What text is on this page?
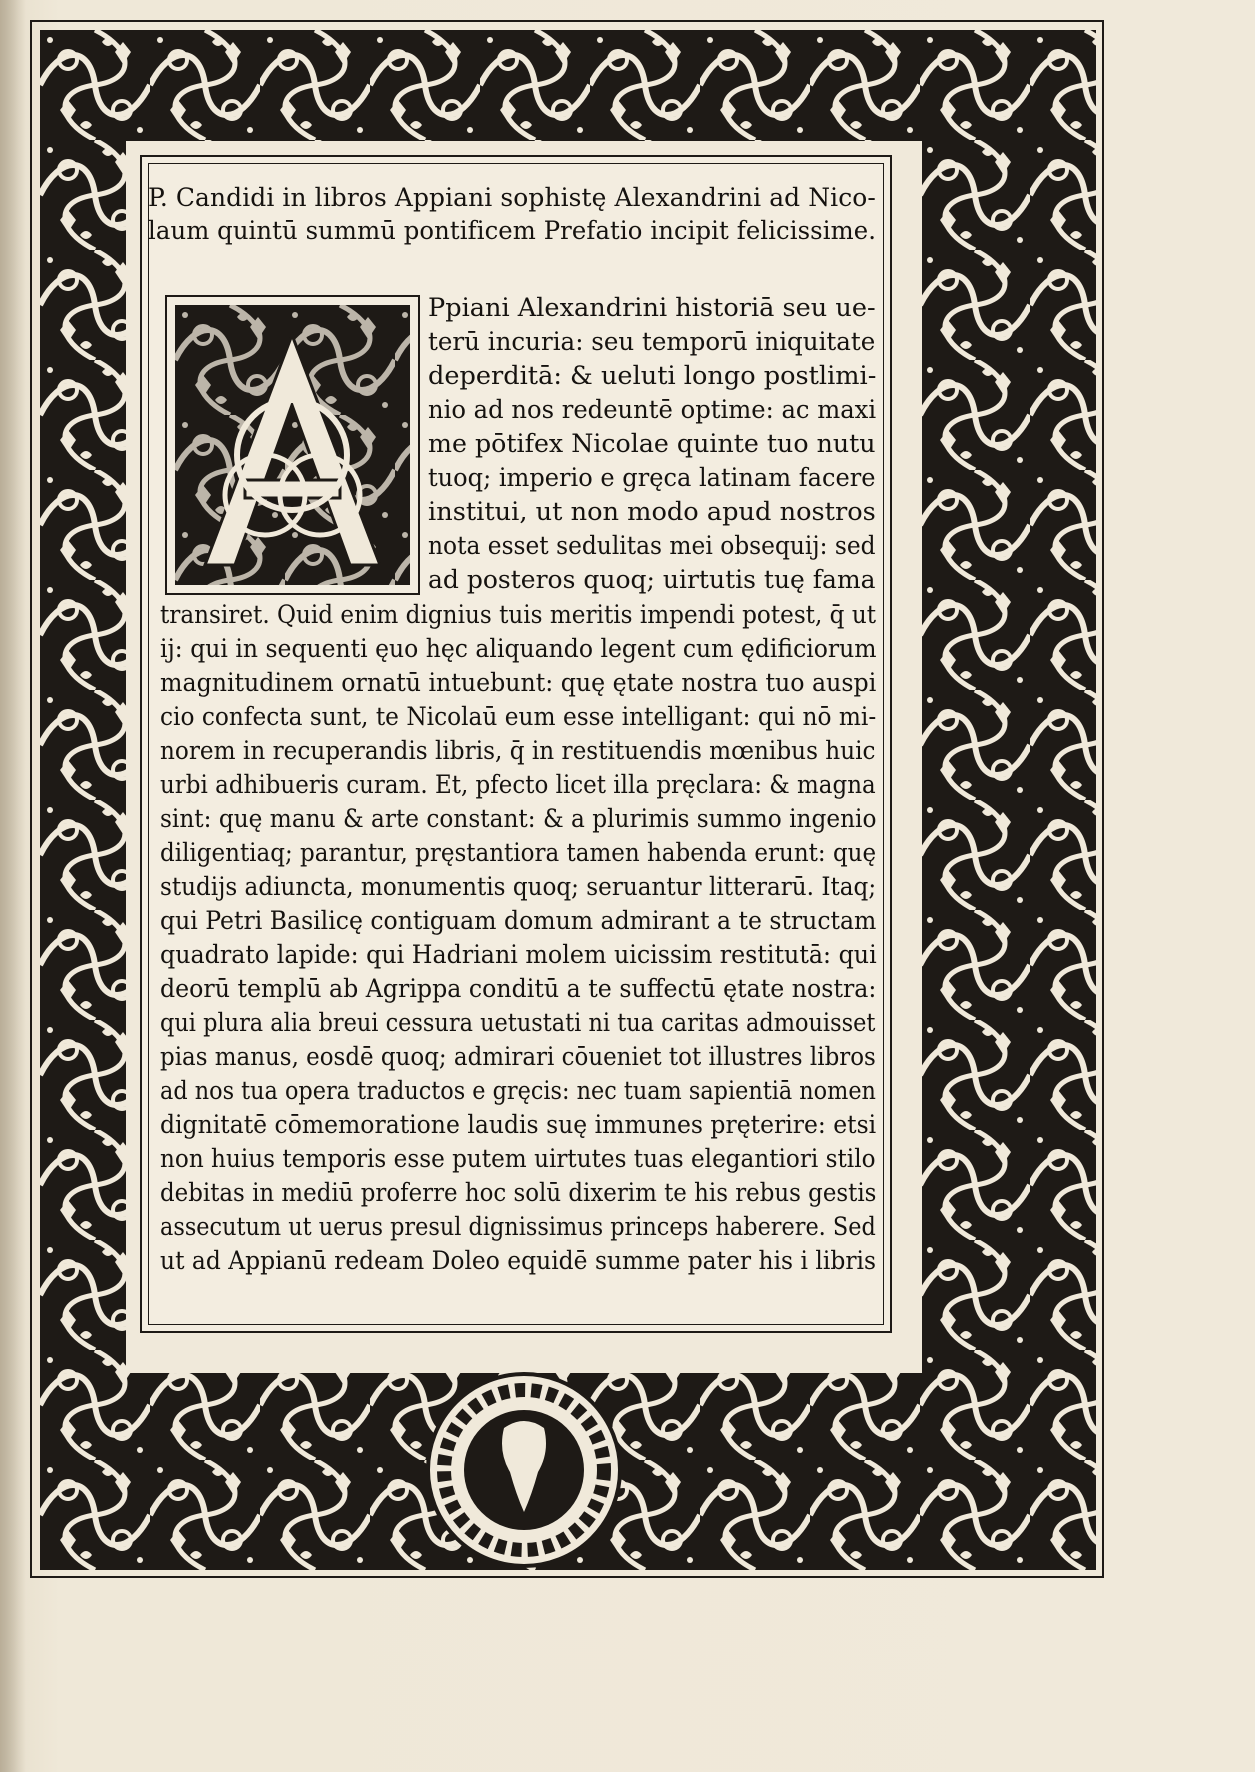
P. Candidi in libros Appiani sophistę Alexandrini ad Nico-
laum quintū summū pontificem Prefatio incipit felicissime.
Ppiani Alexandrini historiā seu ue-
terū incuria: seu temporū iniquitate
deperditā: & ueluti longo postlimi-
nio ad nos redeuntē optime: ac maxi
me pōtifex Nicolae quinte tuo nutu
tuoq; imperio e gręca latinam facere
institui, ut non modo apud nostros
nota esset sedulitas mei obsequij: sed
ad posteros quoq; uirtutis tuę fama
transiret. Quid enim dignius tuis meritis impendi potest, q̄ ut
ij: qui in sequenti ęuo hęc aliquando legent cum ędificiorum
magnitudinem ornatū intuebunt: quę ętate nostra tuo auspi
cio confecta sunt, te Nicolaū eum esse intelligant: qui nō mi-
norem in recuperandis libris, q̄ in restituendis mœnibus huic
urbi adhibueris curam. Et, pfecto licet illa pręclara: & magna
sint: quę manu & arte constant: & a plurimis summo ingenio
diligentiaq; parantur, pręstantiora tamen habenda erunt: quę
studijs adiuncta, monumentis quoq; seruantur litterarū. Itaq;
qui Petri Basilicę contiguam domum admirant a te structam
quadrato lapide: qui Hadriani molem uicissim restitutā: qui
deorū templū ab Agrippa conditū a te suffectū ętate nostra:
qui plura alia breui cessura uetustati ni tua caritas admouisset
pias manus, eosdē quoq; admirari cōueniet tot illustres libros
ad nos tua opera traductos e gręcis: nec tuam sapientiā nomen
dignitatē cōmemoratione laudis suę immunes pręterire: etsi
non huius temporis esse putem uirtutes tuas elegantiori stilo
debitas in mediū proferre hoc solū dixerim te his rebus gestis
assecutum ut uerus presul dignissimus princeps haberere. Sed
ut ad Appianū redeam Doleo equidē summe pater his i libris
